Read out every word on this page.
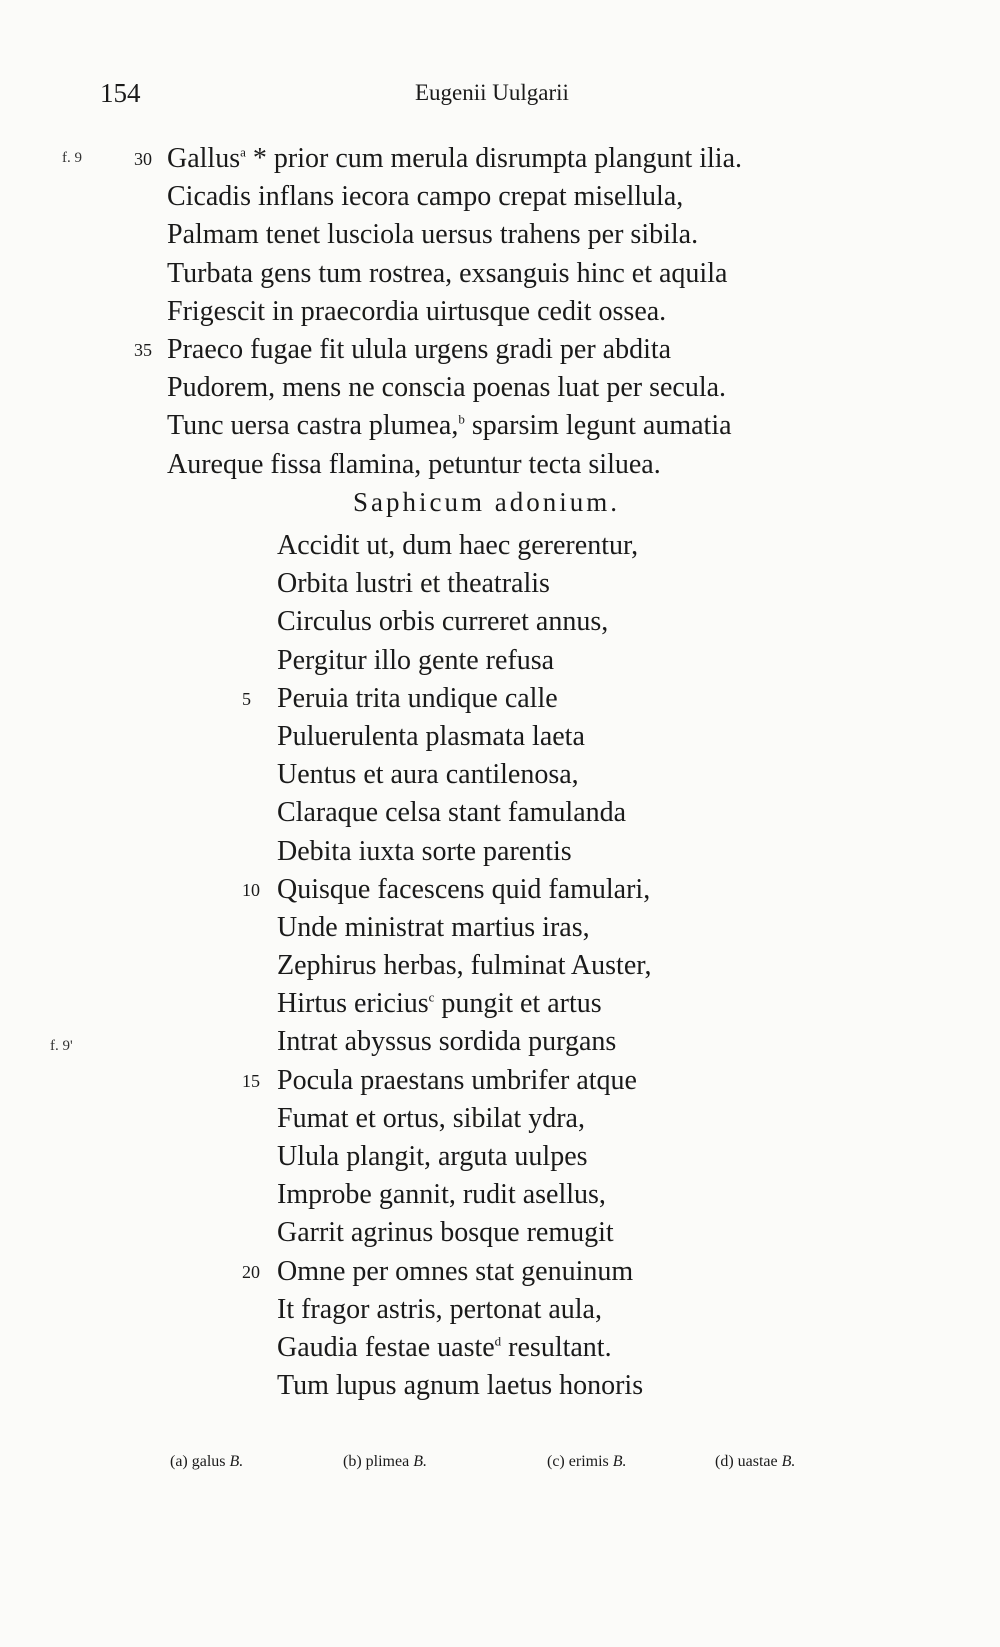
154	Eugenii Uulgarii
f. 9
f. 9'
30 Gallus$^a$ * prior cum merula disrumpta plangunt ilia.
Cicadis inflans iecora campo crepat misellula,
Palmam tenet lusciola uersus trahens per sibila.
Turbata gens tum rostrea, exsanguis hinc et aquila
Frigescit in praecordia uirtusque cedit ossea.
35 Praeco fugae fit ulula urgens gradi per abdita
Pudorem, mens ne conscia poenas luat per secula.
Tunc uersa castra plumea,$^b$ sparsim legunt aumatia
Aureque fissa flamina, petuntur tecta siluea.
Saphicum adonium.
Accidit ut, dum haec gererentur,
Orbita lustri et theatralis
Circulus orbis curreret annus,
Pergitur illo gente refusa
5 Peruia trita undique calle
Puluerulenta plasmata laeta
Uentus et aura cantilenosa,
Claraque celsa stant famulanda
Debita iuxta sorte parentis
10 Quisque facescens quid famulari,
Unde ministrat martius iras,
Zephirus herbas, fulminat Auster,
Hirtus ericius$^c$ pungit et artus
Intrat abyssus sordida purgans
15 Pocula praestans umbrifer atque
Fumat et ortus, sibilat ydra,
Ulula plangit, arguta uulpes
Improbe gannit, rudit asellus,
Garrit agrinus bosque remugit
20 Omne per omnes stat genuinum
It fragor astris, pertonat aula,
Gaudia festae uaste$^d$ resultant.
Tum lupus agnum laetus honoris
(a) galus B.	(b) plimea B.	(c) erimis B.	(d) uastae B.
